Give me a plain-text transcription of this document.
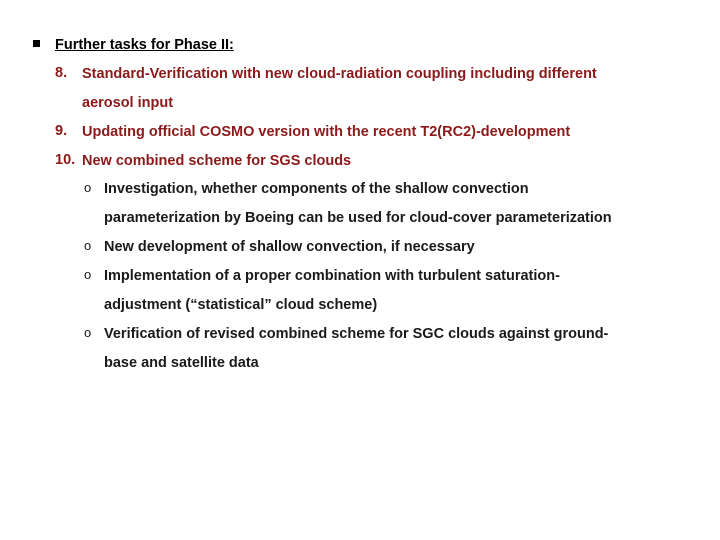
Further tasks for Phase II:
8. Standard-Verification with new cloud-radiation coupling including different
aerosol input
9. Updating official COSMO version with the recent T2(RC2)-development
10. New combined scheme for SGS clouds
o Investigation, whether components of the shallow convection
parameterization by Boeing can be used for cloud-cover parameterization
o New development of shallow convection, if necessary
o Implementation of a proper combination with turbulent saturation-
adjustment (“statistical” cloud scheme)
o Verification of revised combined scheme for SGC clouds against ground-
base and satellite data
